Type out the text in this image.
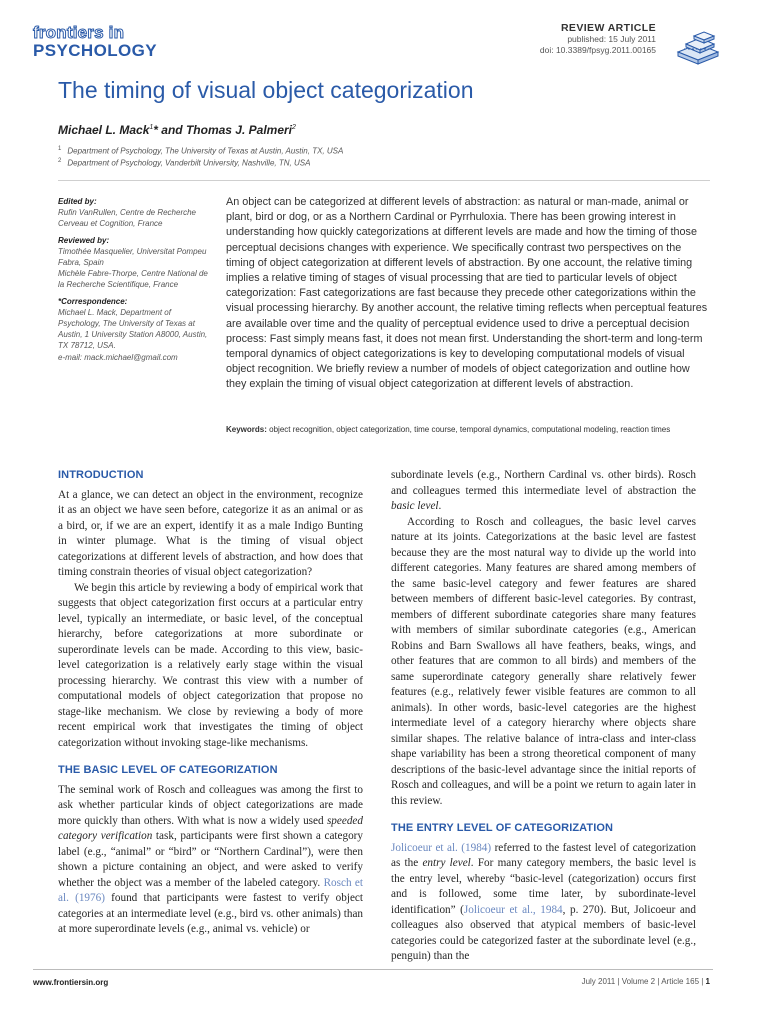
frontiers in
PSYCHOLOGY
REVIEW ARTICLE
published: 15 July 2011
doi: 10.3389/fpsyg.2011.00165
The timing of visual object categorization
Michael L. Mack$^1$* and Thomas J. Palmeri$^2$
$^1$ Department of Psychology, The University of Texas at Austin, Austin, TX, USA
$^2$ Department of Psychology, Vanderbilt University, Nashville, TN, USA
Edited by:
Rufin VanRullen, Centre de Recherche Cerveau et Cognition, France
Reviewed by:
Timothée Masquelier, Universitat Pompeu Fabra, Spain
Michèle Fabre-Thorpe, Centre National de la Recherche Scientifique, France
*Correspondence:
Michael L. Mack, Department of Psychology, The University of Texas at Austin, 1 University Station A8000, Austin, TX 78712, USA.
e-mail: mack.michael@gmail.com
An object can be categorized at different levels of abstraction: as natural or man-made, animal or plant, bird or dog, or as a Northern Cardinal or Pyrrhuloxia. There has been growing interest in understanding how quickly categorizations at different levels are made and how the timing of those perceptual decisions changes with experience. We specifically contrast two perspectives on the timing of object categorization at different levels of abstraction. By one account, the relative timing implies a relative timing of stages of visual processing that are tied to particular levels of object categorization: Fast categorizations are fast because they precede other categorizations within the visual processing hierarchy. By another account, the relative timing reflects when perceptual features are available over time and the quality of perceptual evidence used to drive a perceptual decision process: Fast simply means fast, it does not mean first. Understanding the short-term and long-term temporal dynamics of object categorizations is key to developing computational models of visual object recognition. We briefly review a number of models of object categorization and outline how they explain the timing of visual object categorization at different levels of abstraction.
Keywords: object recognition, object categorization, time course, temporal dynamics, computational modeling, reaction times
INTRODUCTION

At a glance, we can detect an object in the environment, recognize it as an object we have seen before, categorize it as an animal or as a bird, or, if we are an expert, identify it as a male Indigo Bunting in winter plumage. What is the timing of visual object categorizations at different levels of abstraction, and how does that timing constrain theories of visual object categorization?

We begin this article by reviewing a body of empirical work that suggests that object categorization first occurs at a particular entry level, typically an intermediate, or basic level, of the conceptual hierarchy, before categorizations at more subordinate or superordinate levels can be made. According to this view, basic-level categorization is a relatively early stage within the visual processing hierarchy. We contrast this view with a number of computational models of object categorization that propose no stage-like mechanism. We close by reviewing a body of more recent empirical work that investigates the timing of object categorization without invoking stage-like mechanisms.

THE BASIC LEVEL OF CATEGORIZATION

The seminal work of Rosch and colleagues was among the first to ask whether particular kinds of object categorizations are made more quickly than others. With what is now a widely used speeded category verification task, participants were first shown a category label (e.g., “animal” or “bird” or “Northern Cardinal”), were then shown a picture containing an object, and were asked to verify whether the object was a member of the labeled category. Rosch et al. (1976) found that participants were fastest to verify object categories at an intermediate level (e.g., bird vs. other animals) than at more superordinate levels (e.g., animal vs. vehicle) or

subordinate levels (e.g., Northern Cardinal vs. other birds). Rosch and colleagues termed this intermediate level of abstraction the basic level.

According to Rosch and colleagues, the basic level carves nature at its joints. Categorizations at the basic level are fastest because they are the most natural way to divide up the world into different categories. Many features are shared among members of the same basic-level category and fewer features are shared between members of different basic-level categories. By contrast, members of different subordinate categories share many features with members of similar subordinate categories (e.g., American Robins and Barn Swallows all have feathers, beaks, wings, and other features that are common to all birds) and members of the same superordinate category generally share relatively fewer features (e.g., relatively fewer visible features are common to all animals). In other words, basic-level categories are the highest intermediate level of a category hierarchy where objects share similar shapes. The relative balance of intra-class and inter-class shape variability has been a strong theoretical component of many descriptions of the basic-level advantage since the initial reports of Rosch and colleagues, and will be a point we return to again later in this review.

THE ENTRY LEVEL OF CATEGORIZATION

Jolicoeur et al. (1984) referred to the fastest level of categorization as the entry level. For many category members, the basic level is the entry level, whereby “basic-level (categorization) occurs first and is followed, some time later, by subordinate-level identification” (Jolicoeur et al., 1984, p. 270). But, Jolicoeur and colleagues also observed that atypical members of basic-level categories could be categorized faster at the subordinate level (e.g., penguin) than the

www.frontiersin.org	July 2011 | Volume 2 | Article 165 | 1
